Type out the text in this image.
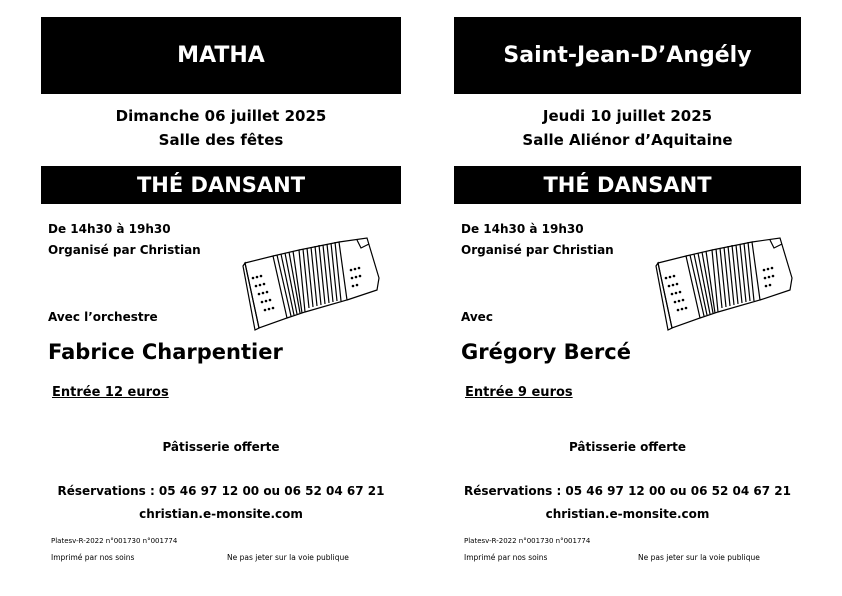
MATHA
Dimanche 06 juillet 2025
Salle des fêtes
THÉ DANSANT
De 14h30 à 19h30
Organisé par Christian
Avec l’orchestre
Fabrice Charpentier
Entrée 12 euros
Pâtisserie offerte
Réservations : 05 46 97 12 00 ou 06 52 04 67 21
christian.e-monsite.com
Platesv-R-2022 n°001730 n°001774
Imprimé par nos soins	Ne pas jeter sur la voie publique
Saint-Jean-D’Angély
Jeudi 10 juillet 2025
Salle Aliénor d’Aquitaine
THÉ DANSANT
De 14h30 à 19h30
Organisé par Christian
Avec
Grégory Bercé
Entrée 9 euros
Pâtisserie offerte
Réservations : 05 46 97 12 00 ou 06 52 04 67 21
christian.e-monsite.com
Platesv-R-2022 n°001730 n°001774
Imprimé par nos soins	Ne pas jeter sur la voie publique
